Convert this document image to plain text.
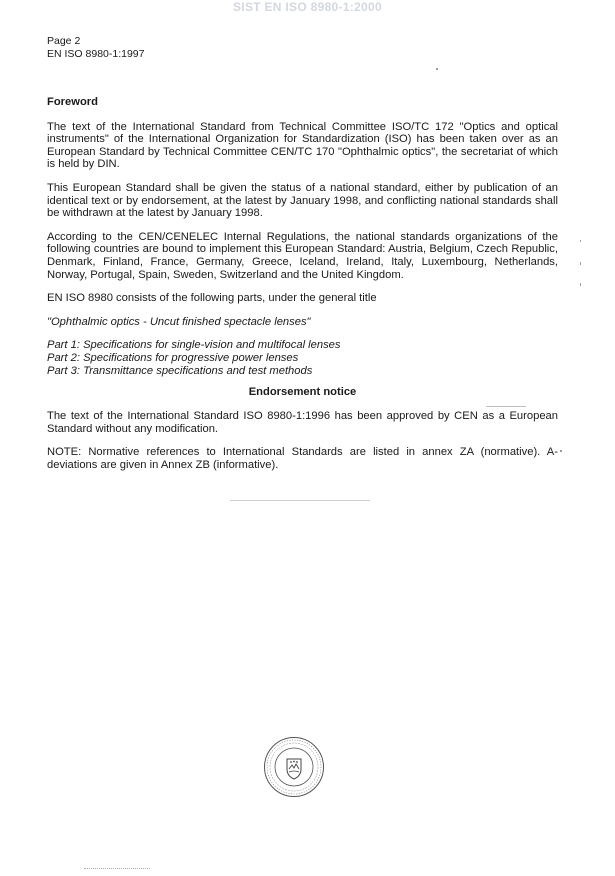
SIST EN ISO 8980-1:2000
Page 2
EN ISO 8980-1:1997
Foreword

The text of the International Standard from Technical Committee ISO/TC 172 "Optics and optical instruments" of the International Organization for Standardization (ISO) has been taken over as an European Standard by Technical Committee CEN/TC 170 "Ophthalmic optics", the secretariat of which is held by DIN.

This European Standard shall be given the status of a national standard, either by publication of an identical text or by endorsement, at the latest by January 1998, and conflicting national standards shall be withdrawn at the latest by January 1998.

According to the CEN/CENELEC Internal Regulations, the national standards organizations of the following countries are bound to implement this European Standard: Austria, Belgium, Czech Republic, Denmark, Finland, France, Germany, Greece, Iceland, Ireland, Italy, Luxembourg, Netherlands, Norway, Portugal, Spain, Sweden, Switzerland and the United Kingdom.

EN ISO 8980 consists of the following parts, under the general title

"Ophthalmic optics - Uncut finished spectacle lenses"

Part 1: Specifications for single-vision and multifocal lenses

Part 2: Specifications for progressive power lenses

Part 3: Transmittance specifications and test methods

Endorsement notice

The text of the International Standard ISO 8980-1:1996 has been approved by CEN as a European Standard without any modification.

NOTE: Normative references to International Standards are listed in annex ZA (normative). A-deviations are given in Annex ZB (informative).
